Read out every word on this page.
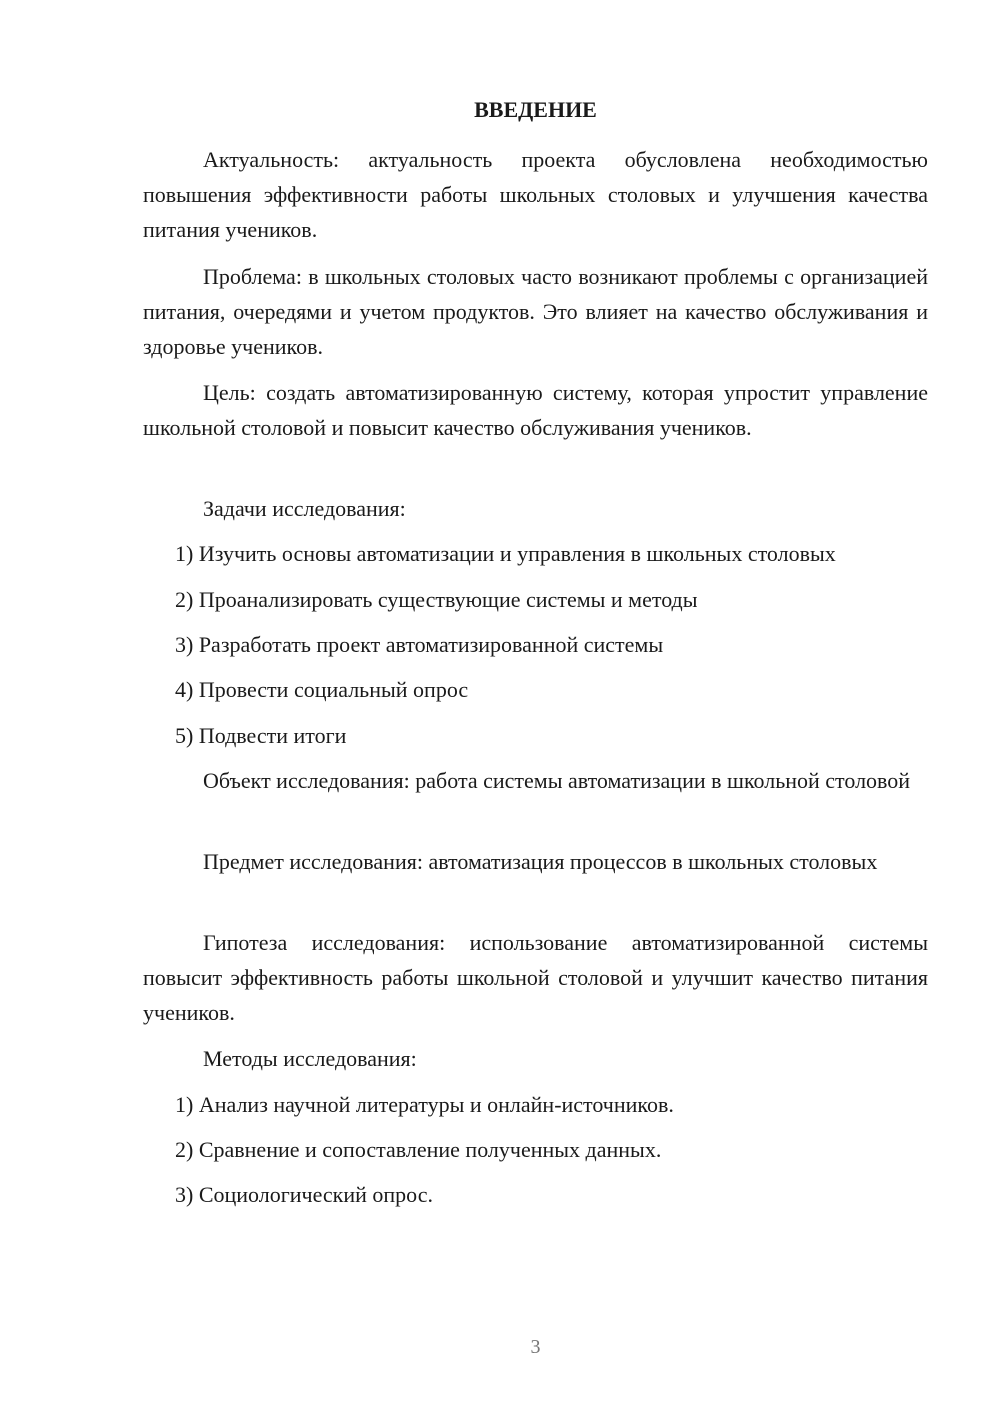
ВВЕДЕНИЕ

Актуальность: актуальность проекта обусловлена необходимостью повышения эффективности работы школьных столовых и улучшения качества питания учеников.

Проблема: в школьных столовых часто возникают проблемы с организацией питания, очередями и учетом продуктов. Это влияет на качество обслуживания и здоровье учеников.

Цель: создать автоматизированную систему, которая упростит управление школьной столовой и повысит качество обслуживания учеников.

Задачи исследования:

1) Изучить основы автоматизации и управления в школьных столовых

2) Проанализировать существующие системы и методы

3) Разработать проект автоматизированной системы

4) Провести социальный опрос

5) Подвести итоги

Объект исследования: работа системы автоматизации в школьной столовой

Предмет исследования: автоматизация процессов в школьных столовых

Гипотеза исследования: использование автоматизированной системы повысит эффективность работы школьной столовой и улучшит качество питания учеников.

Методы исследования:

1) Анализ научной литературы и онлайн-источников.

2) Сравнение и сопоставление полученных данных.

3) Социологический опрос.

3
